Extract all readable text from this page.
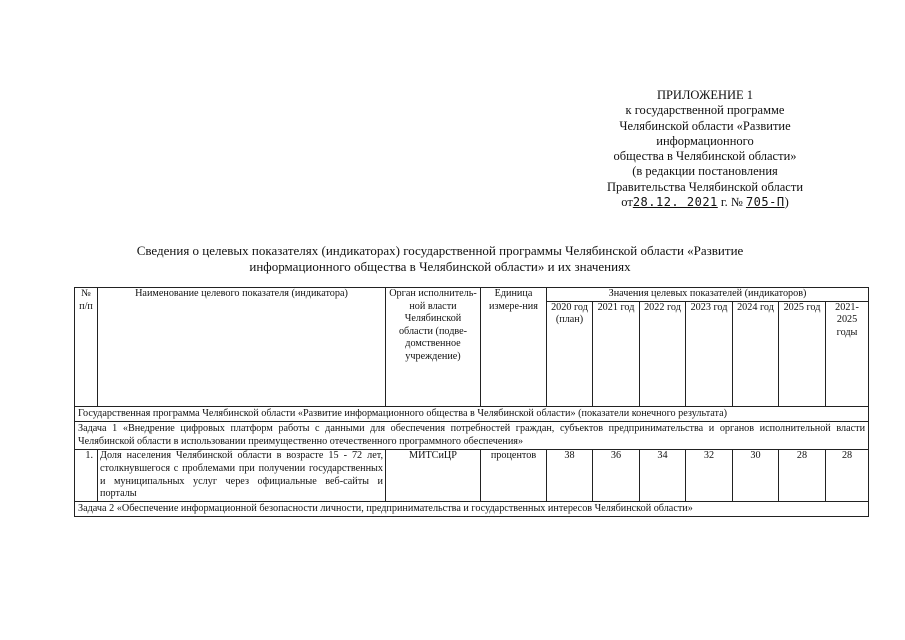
ПРИЛОЖЕНИЕ 1
к государственной программе
Челябинской области «Развитие
информационного
общества в Челябинской области»
(в редакции постановления
Правительства Челябинской области
от28.12. 2021 г. № 705-П)
Сведения о целевых показателях (индикаторах) государственной программы Челябинской области «Развитие
информационного общества в Челябинской области» и их значениях
№ п/п	Наименование целевого показателя (индикатора)	Орган исполнитель-ной власти Челябинской области (подве-домственное учреждение)	Единица измере-ния	Значения целевых показателей (индикаторов)						
				2020 год (план)	2021 год	2022 год	2023 год	2024 год	2025 год	2021-2025 годы
Государственная программа Челябинской области «Развитие информационного общества в Челябинской области» (показатели конечного результата)										
Задача 1 «Внедрение цифровых платформ работы с данными для обеспечения потребностей граждан, субъектов предпринимательства и органов исполнительной власти Челябинской области в использовании преимущественно отечественного программного обеспечения»										
1.	Доля населения Челябинской области в возрасте 15 - 72 лет, столкнувшегося с проблемами при получении государственных и муниципальных услуг через официальные веб-сайты и порталы	МИТСиЦР	процентов	38	36	34	32	30	28	28
Задача 2 «Обеспечение информационной безопасности личности, предпринимательства и государственных интересов Челябинской области»										
